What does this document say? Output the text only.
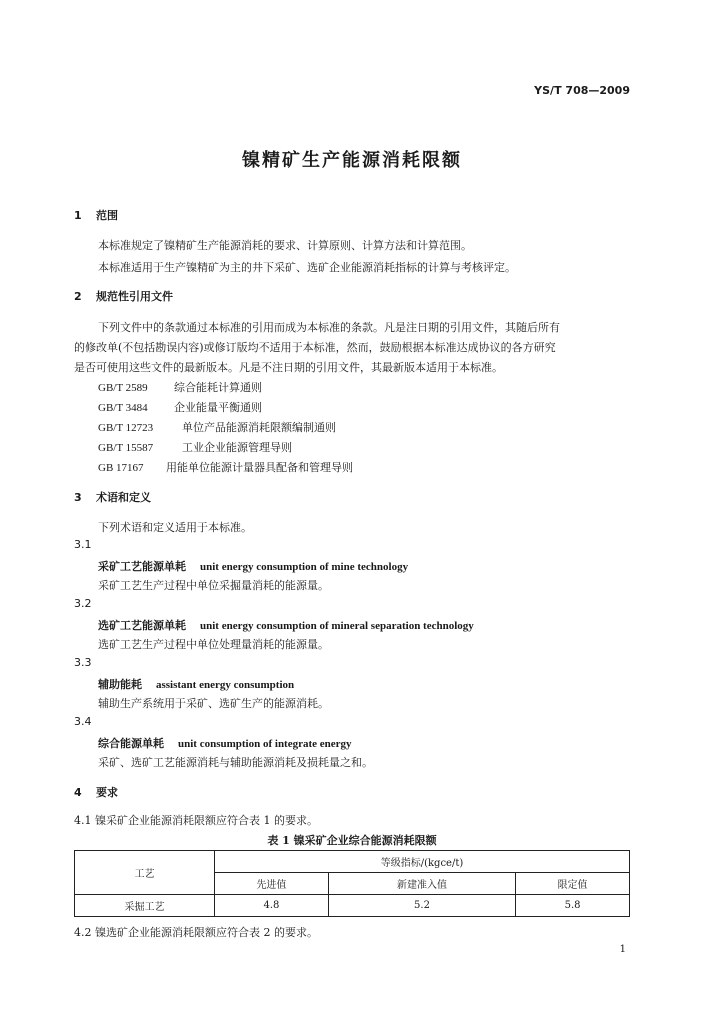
YS/T 708—2009
镍精矿生产能源消耗限额
1 范围
本标准规定了镍精矿生产能源消耗的要求、计算原则、计算方法和计算范围。
本标准适用于生产镍精矿为主的井下采矿、选矿企业能源消耗指标的计算与考核评定。
2 规范性引用文件
下列文件中的条款通过本标准的引用而成为本标准的条款。凡是注日期的引用文件，其随后所有
的修改单(不包括勘误内容)或修订版均不适用于本标准，然而，鼓励根据本标准达成协议的各方研究
是否可使用这些文件的最新版本。凡是不注日期的引用文件，其最新版本适用于本标准。
GB/T 2589 综合能耗计算通则
GB/T 3484 企业能量平衡通则
GB/T 12723	单位产品能源消耗限额编制通则
GB/T 15587	工业企业能源管理导则
GB 17167 用能单位能源计量器具配备和管理导则
3 术语和定义
下列术语和定义适用于本标准。
3.1
采矿工艺能源单耗 unit energy consumption of mine technology
采矿工艺生产过程中单位采掘量消耗的能源量。
3.2
选矿工艺能源单耗 unit energy consumption of mineral separation technology
选矿工艺生产过程中单位处理量消耗的能源量。
3.3
辅助能耗 assistant energy consumption
辅助生产系统用于采矿、选矿生产的能源消耗。
3.4
综合能源单耗 unit consumption of integrate energy
采矿、选矿工艺能源消耗与辅助能源消耗及损耗量之和。
4 要求
4.1 镍采矿企业能源消耗限额应符合表 1 的要求。
表 1 镍采矿企业综合能源消耗限额
工艺	等级指标/(kgce/t)		
	先进值	新建准入值	限定值
采掘工艺	4.8	5.2	5.8
4.2 镍选矿企业能源消耗限额应符合表 2 的要求。
1
